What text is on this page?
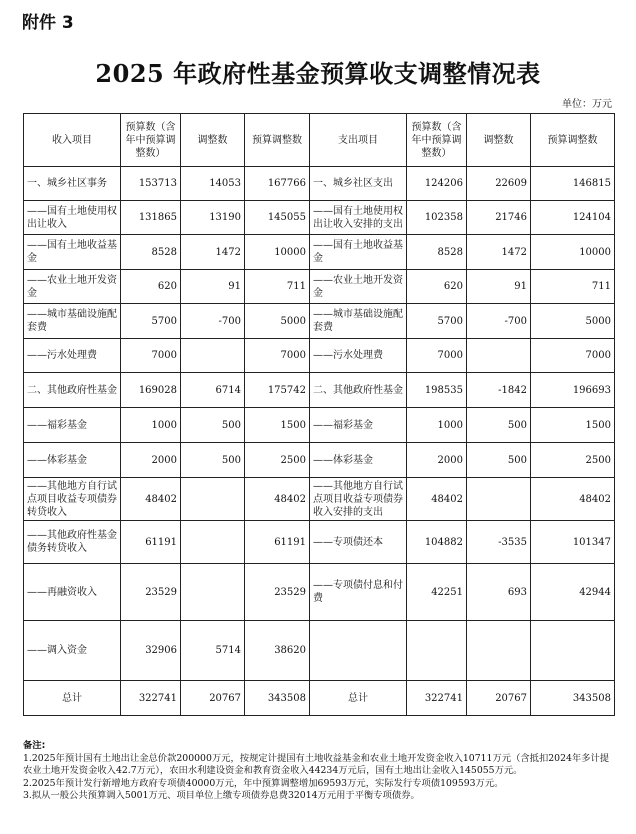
附件 3
2025 年政府性基金预算收支调整情况表
单位：万元
收入项目	预算数（含年中预算调整数）	调整数	预算调整数	支出项目	预算数（含年中预算调整数）	调整数	预算调整数
一、城乡社区事务	153713	14053	167766	一、城乡社区支出	124206	22609	146815
——国有土地使用权出让收入	131865	13190	145055	——国有土地使用权出让收入安排的支出	102358	21746	124104
——国有土地收益基金	8528	1472	10000	——国有土地收益基金	8528	1472	10000
——农业土地开发资金	620	91	711	——农业土地开发资金	620	91	711
——城市基础设施配套费	5700	-700	5000	——城市基础设施配套费	5700	-700	5000
——污水处理费	7000		7000	——污水处理费	7000		7000
二、其他政府性基金	169028	6714	175742	二、其他政府性基金	198535	-1842	196693
——福彩基金	1000	500	1500	——福彩基金	1000	500	1500
——体彩基金	2000	500	2500	——体彩基金	2000	500	2500
——其他地方自行试点项目收益专项债券转贷收入	48402		48402	——其他地方自行试点项目收益专项债券收入安排的支出	48402		48402
——其他政府性基金债务转贷收入	61191		61191	——专项债还本	104882	-3535	101347
——再融资收入	23529		23529	——专项债付息和付费	42251	693	42944
——调入资金	32906	5714	38620				
总计	322741	20767	343508	总计	322741	20767	343508

备注:

1.2025年预计国有土地出让金总价款200000万元，按规定计提国有土地收益基金和农业土地开发资金收入10711万元（含抵扣2024年多计提农业土地开发资金收入42.7万元），农田水利建设资金和教育资金收入44234万元后，国有土地出让金收入145055万元。

2.2025年预计发行新增地方政府专项债40000万元，年中预算调整增加69593万元，实际发行专项债109593万元。

3.拟从一般公共预算调入5001万元、项目单位上缴专项债券息费32014万元用于平衡专项债券。
